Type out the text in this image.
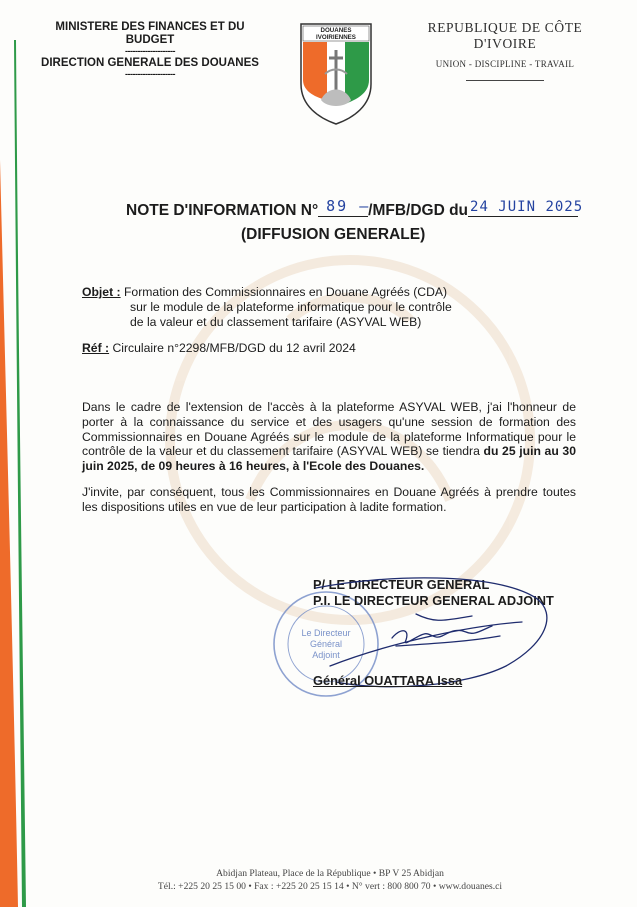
MINISTERE DES FINANCES ET DU BUDGET
--------------------
DIRECTION GENERALE DES DOUANES
--------------------
DOUANES
IVOIRIENNES
REPUBLIQUE DE CÔTE D'IVOIRE
UNION - DISCIPLINE - TRAVAIL
NOTE D'INFORMATION N° 89 –
/MFB/DGD du 24 JUIN 2025
(DIFFUSION GENERALE)
Objet : Formation des Commissionnaires en Douane Agréés (CDA)
sur le module de la plateforme informatique pour le contrôle
de la valeur et du classement tarifaire (ASYVAL WEB)
Réf : Circulaire n°2298/MFB/DGD du 12 avril 2024
Dans le cadre de l'extension de l'accès à la plateforme ASYVAL WEB, j'ai l'honneur de porter à la connaissance du service et des usagers qu'une session de formation des Commissionnaires en Douane Agréés sur le module de la plateforme Informatique pour le contrôle de la valeur et du classement tarifaire (ASYVAL WEB) se tiendra du 25 juin au 30 juin 2025, de 09 heures à 16 heures, à l'Ecole des Douanes.
J'invite, par conséquent, tous les Commissionnaires en Douane Agréés à prendre toutes les dispositions utiles en vue de leur participation à ladite formation.
Le Directeur
Général
Adjoint
P/ LE DIRECTEUR GENERAL
P.I. LE DIRECTEUR GENERAL ADJOINT
Général OUATTARA Issa
Abidjan Plateau, Place de la République • BP V 25 Abidjan
Tél.: +225 20 25 15 00 • Fax : +225 20 25 15 14 • N° vert : 800 800 70 • www.douanes.ci
